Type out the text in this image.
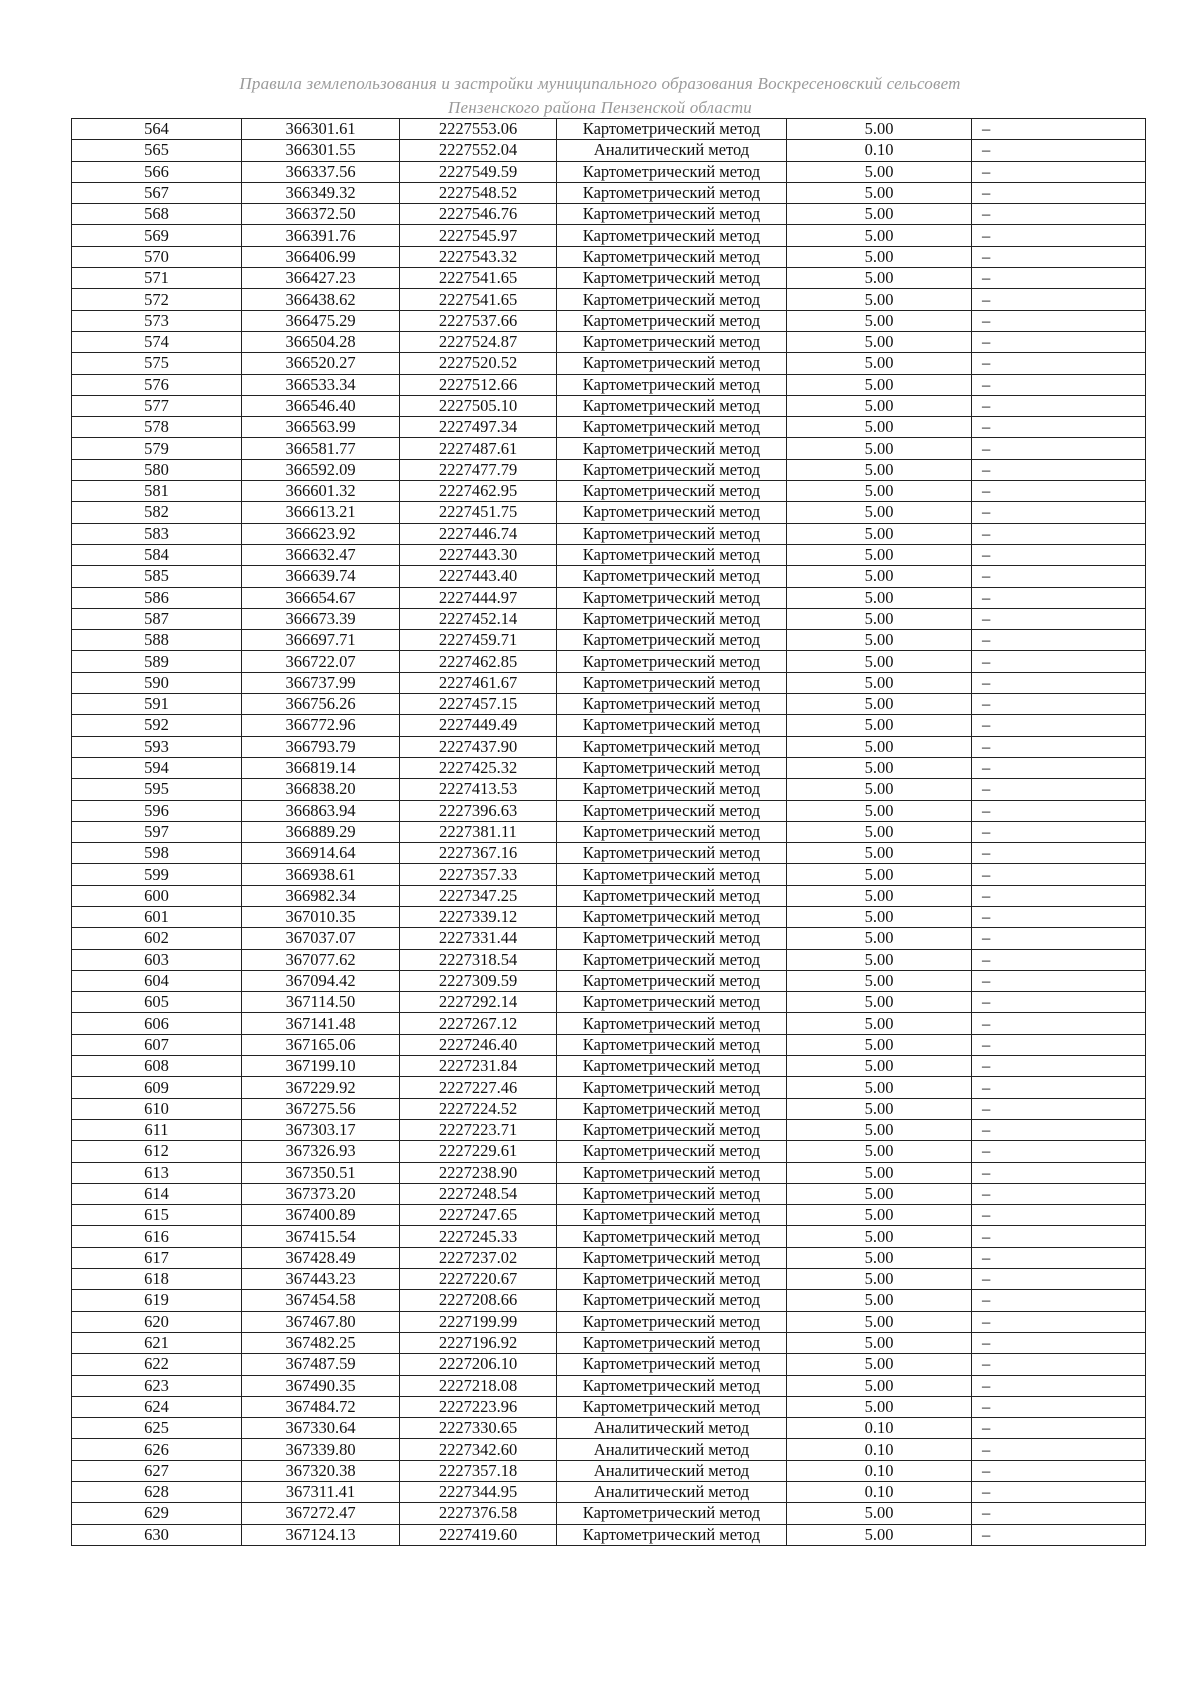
Правила землепользования и застройки муниципального образования Воскресеновский сельсовет
Пензенского района Пензенской области
564	366301.61	2227553.06	Картометрический метод	5.00	–
565	366301.55	2227552.04	Аналитический метод	0.10	–
566	366337.56	2227549.59	Картометрический метод	5.00	–
567	366349.32	2227548.52	Картометрический метод	5.00	–
568	366372.50	2227546.76	Картометрический метод	5.00	–
569	366391.76	2227545.97	Картометрический метод	5.00	–
570	366406.99	2227543.32	Картометрический метод	5.00	–
571	366427.23	2227541.65	Картометрический метод	5.00	–
572	366438.62	2227541.65	Картометрический метод	5.00	–
573	366475.29	2227537.66	Картометрический метод	5.00	–
574	366504.28	2227524.87	Картометрический метод	5.00	–
575	366520.27	2227520.52	Картометрический метод	5.00	–
576	366533.34	2227512.66	Картометрический метод	5.00	–
577	366546.40	2227505.10	Картометрический метод	5.00	–
578	366563.99	2227497.34	Картометрический метод	5.00	–
579	366581.77	2227487.61	Картометрический метод	5.00	–
580	366592.09	2227477.79	Картометрический метод	5.00	–
581	366601.32	2227462.95	Картометрический метод	5.00	–
582	366613.21	2227451.75	Картометрический метод	5.00	–
583	366623.92	2227446.74	Картометрический метод	5.00	–
584	366632.47	2227443.30	Картометрический метод	5.00	–
585	366639.74	2227443.40	Картометрический метод	5.00	–
586	366654.67	2227444.97	Картометрический метод	5.00	–
587	366673.39	2227452.14	Картометрический метод	5.00	–
588	366697.71	2227459.71	Картометрический метод	5.00	–
589	366722.07	2227462.85	Картометрический метод	5.00	–
590	366737.99	2227461.67	Картометрический метод	5.00	–
591	366756.26	2227457.15	Картометрический метод	5.00	–
592	366772.96	2227449.49	Картометрический метод	5.00	–
593	366793.79	2227437.90	Картометрический метод	5.00	–
594	366819.14	2227425.32	Картометрический метод	5.00	–
595	366838.20	2227413.53	Картометрический метод	5.00	–
596	366863.94	2227396.63	Картометрический метод	5.00	–
597	366889.29	2227381.11	Картометрический метод	5.00	–
598	366914.64	2227367.16	Картометрический метод	5.00	–
599	366938.61	2227357.33	Картометрический метод	5.00	–
600	366982.34	2227347.25	Картометрический метод	5.00	–
601	367010.35	2227339.12	Картометрический метод	5.00	–
602	367037.07	2227331.44	Картометрический метод	5.00	–
603	367077.62	2227318.54	Картометрический метод	5.00	–
604	367094.42	2227309.59	Картометрический метод	5.00	–
605	367114.50	2227292.14	Картометрический метод	5.00	–
606	367141.48	2227267.12	Картометрический метод	5.00	–
607	367165.06	2227246.40	Картометрический метод	5.00	–
608	367199.10	2227231.84	Картометрический метод	5.00	–
609	367229.92	2227227.46	Картометрический метод	5.00	–
610	367275.56	2227224.52	Картометрический метод	5.00	–
611	367303.17	2227223.71	Картометрический метод	5.00	–
612	367326.93	2227229.61	Картометрический метод	5.00	–
613	367350.51	2227238.90	Картометрический метод	5.00	–
614	367373.20	2227248.54	Картометрический метод	5.00	–
615	367400.89	2227247.65	Картометрический метод	5.00	–
616	367415.54	2227245.33	Картометрический метод	5.00	–
617	367428.49	2227237.02	Картометрический метод	5.00	–
618	367443.23	2227220.67	Картометрический метод	5.00	–
619	367454.58	2227208.66	Картометрический метод	5.00	–
620	367467.80	2227199.99	Картометрический метод	5.00	–
621	367482.25	2227196.92	Картометрический метод	5.00	–
622	367487.59	2227206.10	Картометрический метод	5.00	–
623	367490.35	2227218.08	Картометрический метод	5.00	–
624	367484.72	2227223.96	Картометрический метод	5.00	–
625	367330.64	2227330.65	Аналитический метод	0.10	–
626	367339.80	2227342.60	Аналитический метод	0.10	–
627	367320.38	2227357.18	Аналитический метод	0.10	–
628	367311.41	2227344.95	Аналитический метод	0.10	–
629	367272.47	2227376.58	Картометрический метод	5.00	–
630	367124.13	2227419.60	Картометрический метод	5.00	–
